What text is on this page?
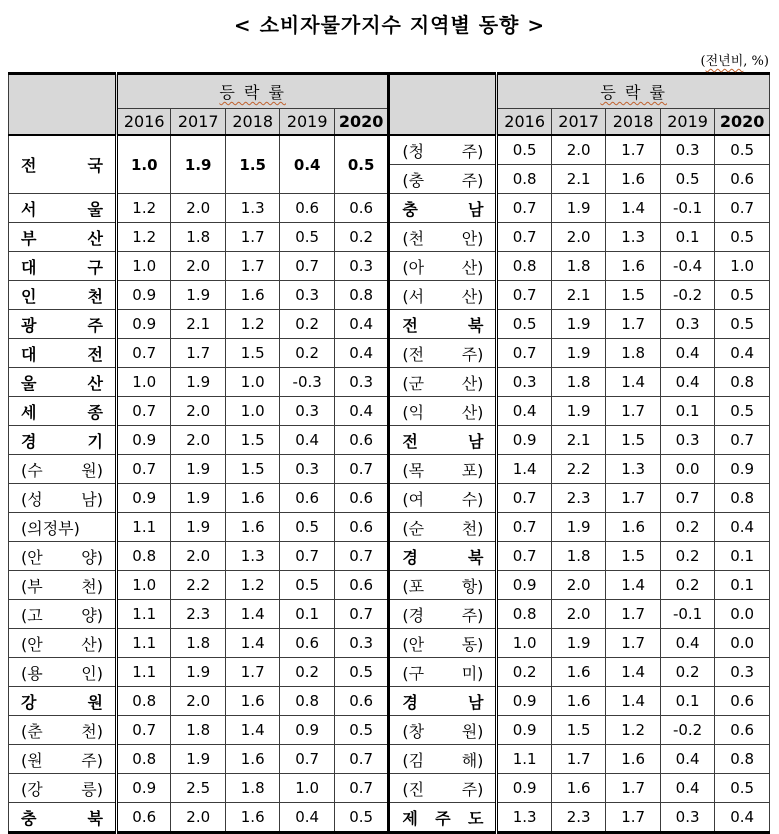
< 소비자물가지수 지역별 동향 >
(전년비, %)
	등 락 률						등 락 률				
	2016	2017	2018	2019	2020		2016	2017	2018	2019	2020

전 국	1.0	1.9	1.5	0.4	0.5	(청 주)	0.5	2.0	1.7	0.3	0.5

						(충 주)	0.8	2.1	1.6	0.5	0.6

서 울	1.2	2.0	1.3	0.6	0.6	충 남	0.7	1.9	1.4	-0.1	0.7

부 산	1.2	1.8	1.7	0.5	0.2	(천 안)	0.7	2.0	1.3	0.1	0.5

대 구	1.0	2.0	1.7	0.7	0.3	(아 산)	0.8	1.8	1.6	-0.4	1.0

인 천	0.9	1.9	1.6	0.3	0.8	(서 산)	0.7	2.1	1.5	-0.2	0.5

광 주	0.9	2.1	1.2	0.2	0.4	전 북	0.5	1.9	1.7	0.3	0.5

대 전	0.7	1.7	1.5	0.2	0.4	(전 주)	0.7	1.9	1.8	0.4	0.4

울 산	1.0	1.9	1.0	-0.3	0.3	(군 산)	0.3	1.8	1.4	0.4	0.8

세 종	0.7	2.0	1.0	0.3	0.4	(익 산)	0.4	1.9	1.7	0.1	0.5

경 기	0.9	2.0	1.5	0.4	0.6	전 남	0.9	2.1	1.5	0.3	0.7

(수 원)	0.7	1.9	1.5	0.3	0.7	(목 포)	1.4	2.2	1.3	0.0	0.9

(성 남)	0.9	1.9	1.6	0.6	0.6	(여 수)	0.7	2.3	1.7	0.7	0.8

(의정부)	1.1	1.9	1.6	0.5	0.6	(순 천)	0.7	1.9	1.6	0.2	0.4

(안 양)	0.8	2.0	1.3	0.7	0.7	경 북	0.7	1.8	1.5	0.2	0.1

(부 천)	1.0	2.2	1.2	0.5	0.6	(포 항)	0.9	2.0	1.4	0.2	0.1

(고 양)	1.1	2.3	1.4	0.1	0.7	(경 주)	0.8	2.0	1.7	-0.1	0.0

(안 산)	1.1	1.8	1.4	0.6	0.3	(안 동)	1.0	1.9	1.7	0.4	0.0

(용 인)	1.1	1.9	1.7	0.2	0.5	(구 미)	0.2	1.6	1.4	0.2	0.3

강 원	0.8	2.0	1.6	0.8	0.6	경 남	0.9	1.6	1.4	0.1	0.6

(춘 천)	0.7	1.8	1.4	0.9	0.5	(창 원)	0.9	1.5	1.2	-0.2	0.6

(원 주)	0.8	1.9	1.6	0.7	0.7	(김 해)	1.1	1.7	1.6	0.4	0.8

(강 릉)	0.9	2.5	1.8	1.0	0.7	(진 주)	0.9	1.6	1.7	0.4	0.5

충 북	0.6	2.0	1.6	0.4	0.5	제 주 도	1.3	2.3	1.7	0.3	0.4
